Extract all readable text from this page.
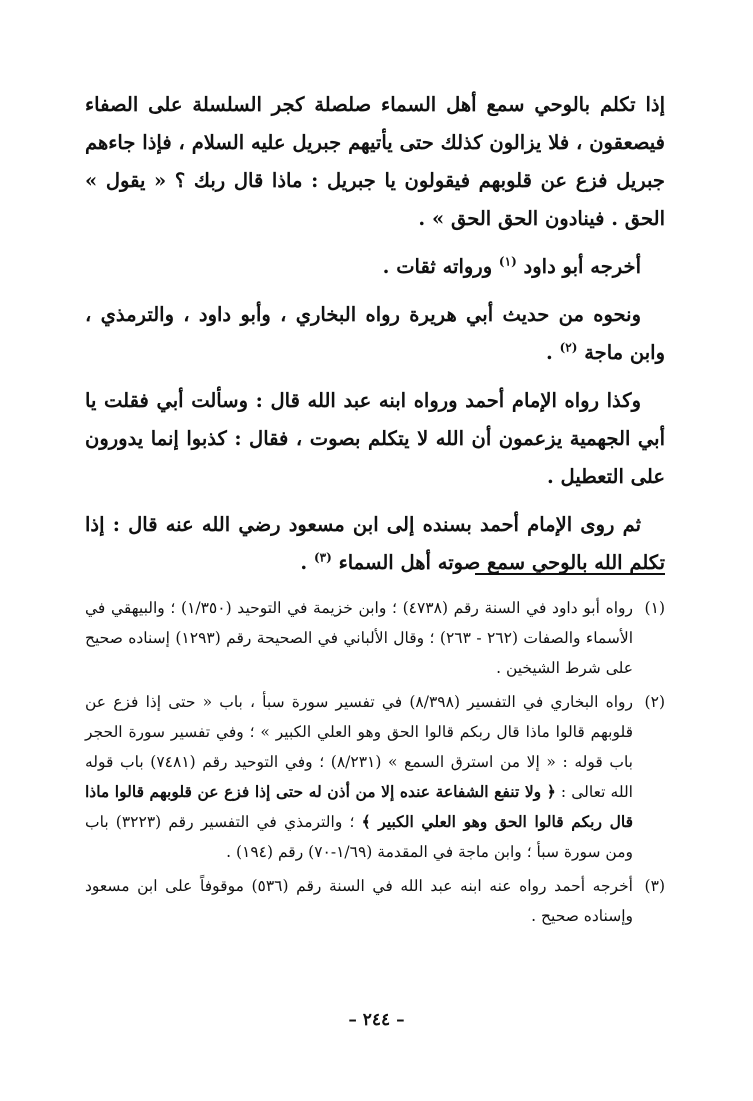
إذا تكلم بالوحي سمع أهل السماء صلصلة كجر السلسلة على الصفاء فيصعقون ، فلا يزالون كذلك حتى يأتيهم جبريل عليه السلام ، فإذا جاءهم جبريل فزع عن قلوبهم فيقولون يا جبريل : ماذا قال ربك ؟ « يقول » الحق . فينادون الحق الحق » .

أخرجه أبو داود $^{(١)}$ ورواته ثقات .

ونحوه من حديث أبي هريرة رواه البخاري ، وأبو داود ، والترمذي ، وابن ماجة $^{(٢)}$ .

وكذا رواه الإمام أحمد ورواه ابنه عبد الله قال : وسألت أبي فقلت يا أبي الجهمية يزعمون أن الله لا يتكلم بصوت ، فقال : كذبوا إنما يدورون على التعطيل .

ثم روى الإمام أحمد بسنده إلى ابن مسعود رضي الله عنه قال : إذا تكلم الله بالوحي سمع صوته أهل السماء $^{(٣)}$ .

(١)
رواه أبو داود في السنة رقم (٤٧٣٨) ؛ وابن خزيمة في التوحيد (١/٣٥٠) ؛ والبيهقي في الأسماء والصفات (٢٦٢ - ٢٦٣) ؛ وقال الألباني في الصحيحة رقم (١٢٩٣) إسناده صحيح على شرط الشيخين .
(٢)
رواه البخاري في التفسير (٨/٣٩٨) في تفسير سورة سبأ ، باب « حتى إذا فزع عن قلوبهم قالوا ماذا قال ربكم قالوا الحق وهو العلي الكبير » ؛ وفي تفسير سورة الحجر باب قوله : « إلا من استرق السمع » (٨/٢٣١) ؛ وفي التوحيد رقم (٧٤٨١) باب قوله الله تعالى : ﴿ ولا تنفع الشفاعة عنده إلا من أذن له حتى إذا فزع عن قلوبهم قالوا ماذا قال ربكم قالوا الحق وهو العلي الكبير ﴾ ؛ والترمذي في التفسير رقم (٣٢٢٣) باب ومن سورة سبأ ؛ وابن ماجة في المقدمة (١/٦٩-٧٠) رقم (١٩٤) .
(٣)
أخرجه أحمد رواه عنه ابنه عبد الله في السنة رقم (٥٣٦) موقوفاً على ابن مسعود وإسناده صحيح .
– ٢٤٤ –
